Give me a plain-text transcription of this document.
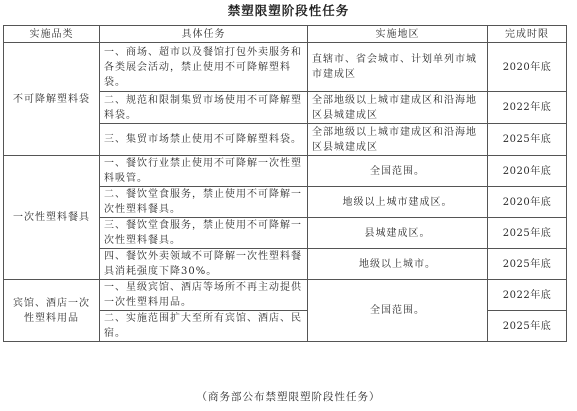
禁塑限塑阶段性任务
实施品类	具体任务	实施地区	完成时限
不可降解塑料袋	一、商场、超市以及餐馆打包外卖服务和各类展会活动，禁止使用不可降解塑料袋。	直辖市、省会城市、计划单列市城市建成区	2020年底
	二、规范和限制集贸市场使用不可降解塑料袋。	全部地级以上城市建成区和沿海地区县城建成区	2022年底
	三、集贸市场禁止使用不可降解塑料袋。	全部地级以上城市建成区和沿海地区县城建成区	2025年底
一次性塑料餐具	一、餐饮行业禁止使用不可降解一次性塑料吸管。	全国范围。	2020年底
	二、餐饮堂食服务，禁止使用不可降解一次性塑料餐具。	地级以上城市建成区。	2020年底
	三、餐饮堂食服务，禁止使用不可降解一次性塑料餐具。	县城建成区。	2025年底
	四、餐饮外卖领域不可降解一次性塑料餐具消耗强度下降30%。	地级以上城市。	2025年底
宾馆、酒店一次性塑料用品	一、星级宾馆、酒店等场所不再主动提供一次性塑料用品。	全国范围。	2022年底
	二、实施范围扩大至所有宾馆、酒店、民宿。		2025年底
（商务部公布禁塑限塑阶段性任务）
